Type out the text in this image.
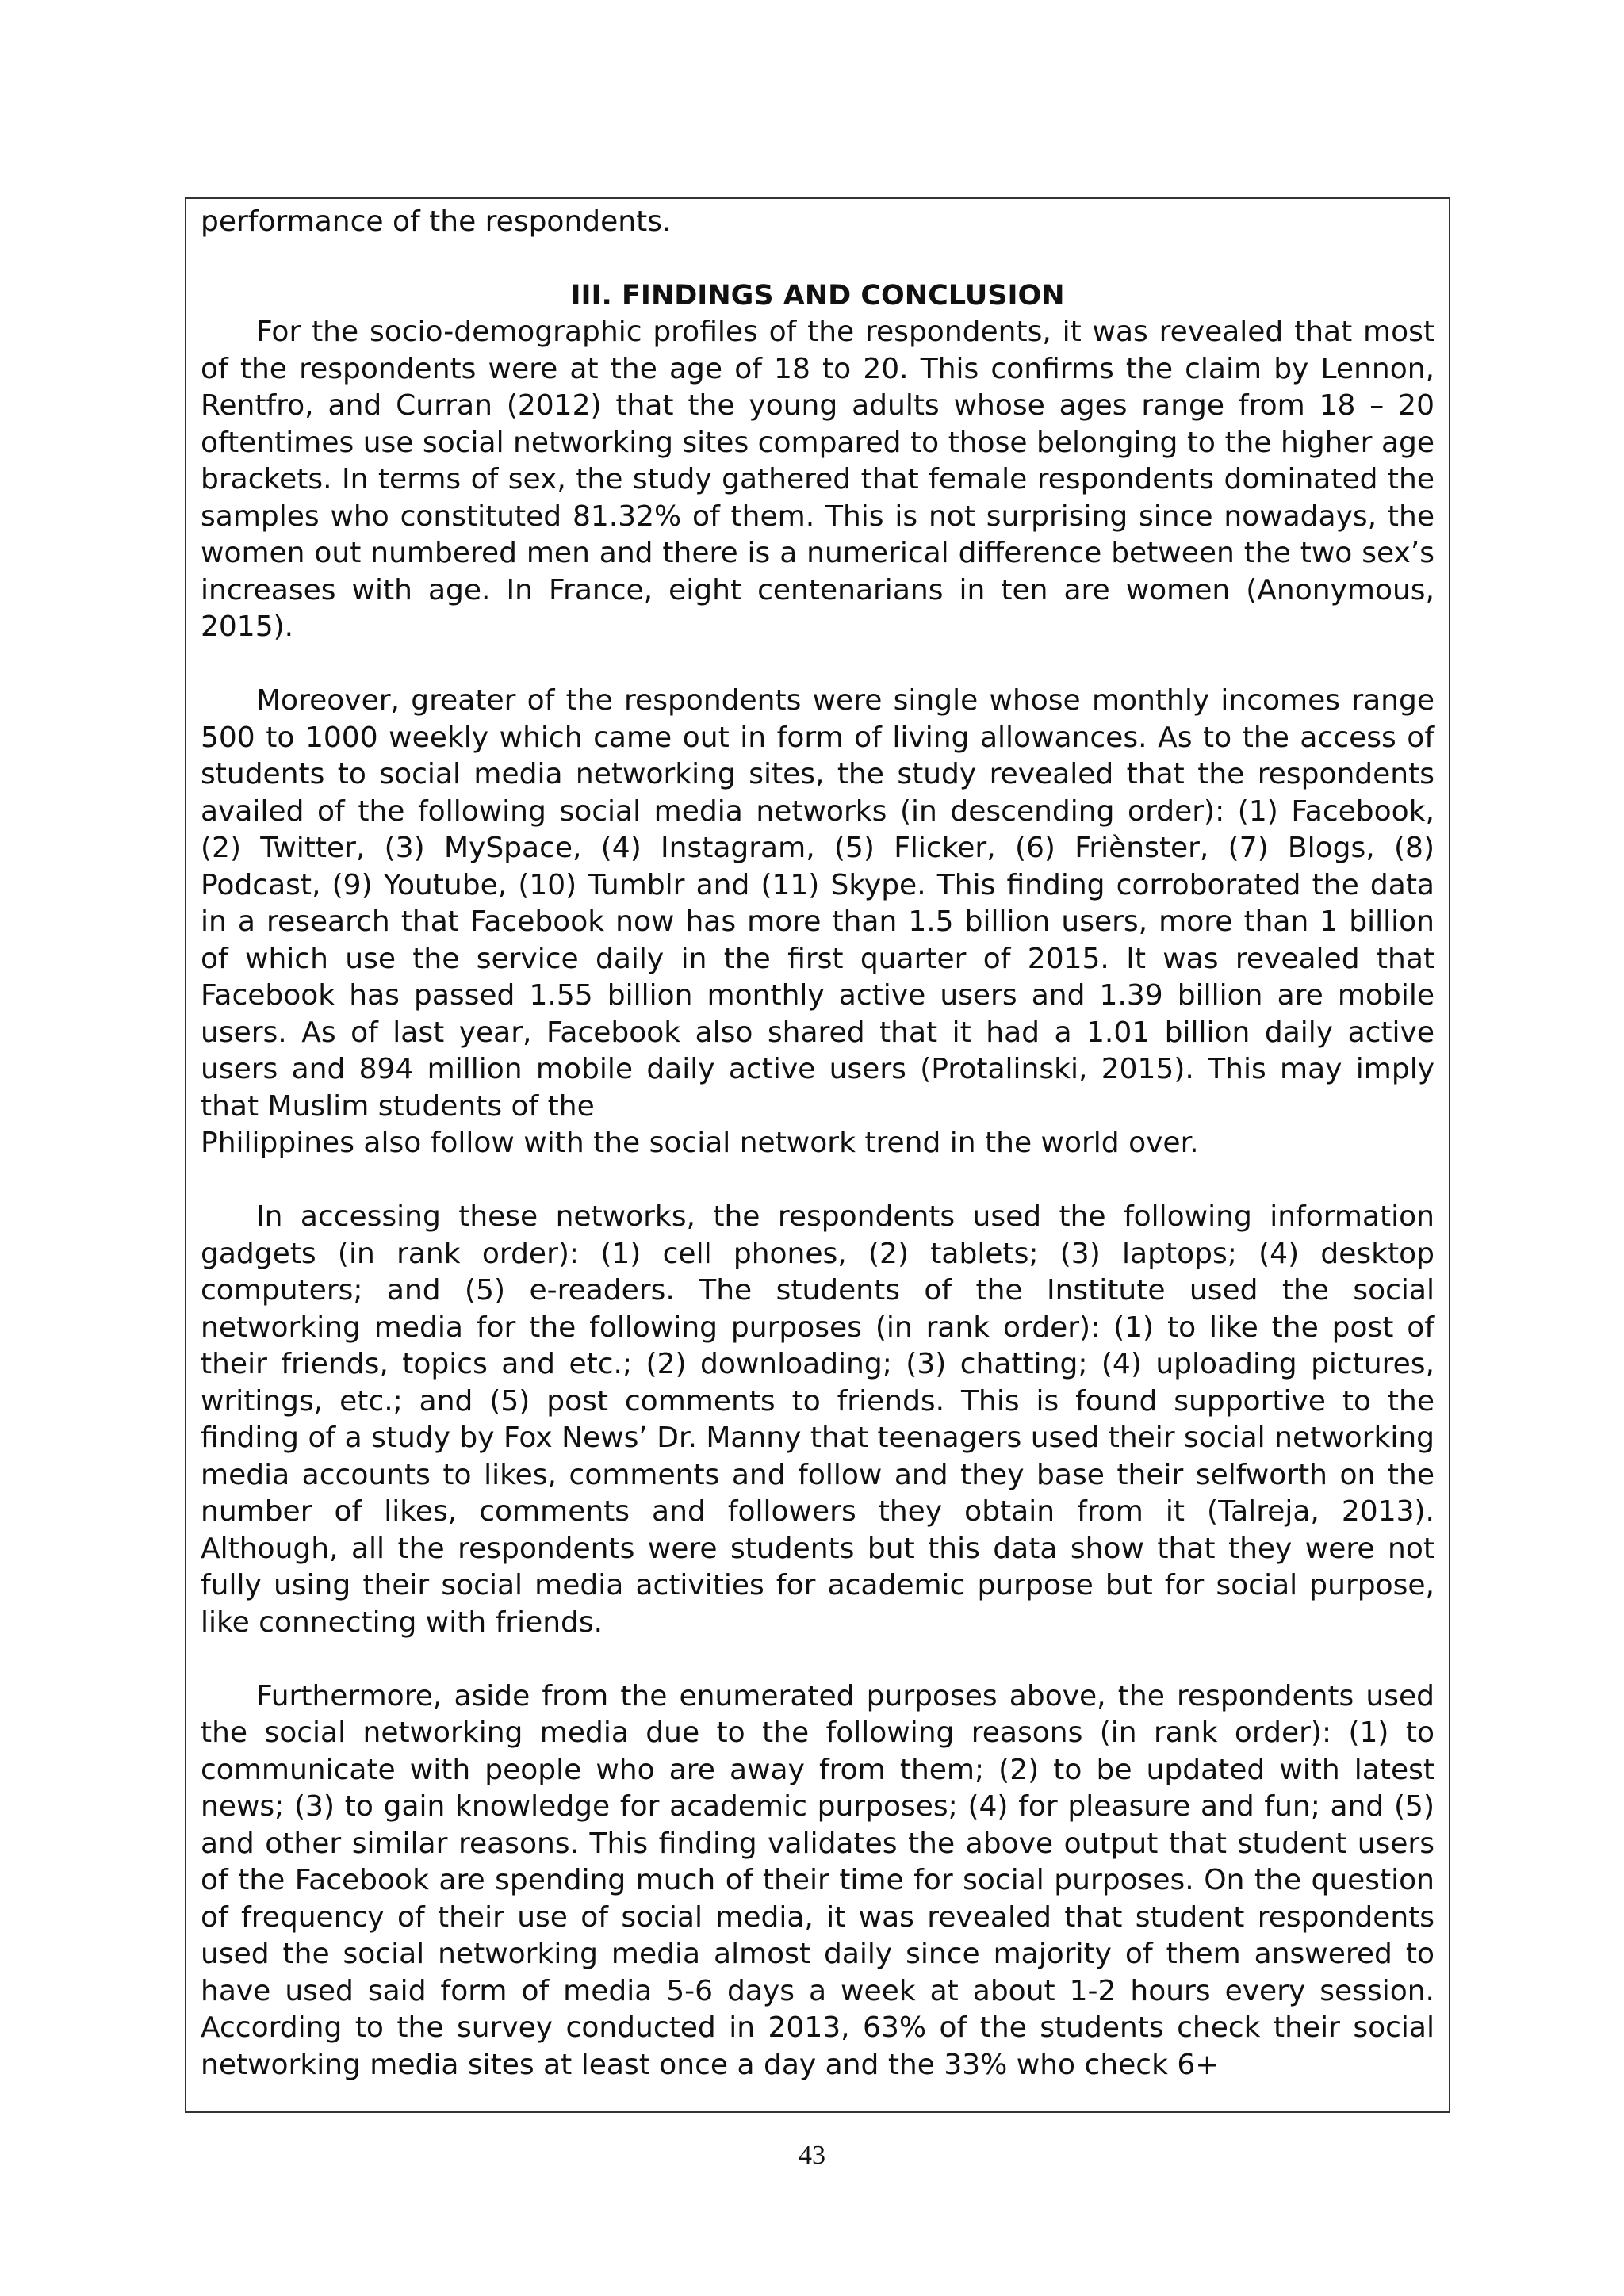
performance of the respondents.

III. FINDINGS AND CONCLUSION

For the socio-demographic profiles of the respondents, it was revealed that most of the respondents were at the age of 18 to 20. This confirms the claim by Lennon, Rentfro, and Curran (2012) that the young adults whose ages range from 18 – 20 oftentimes use social networking sites compared to those belonging to the higher age brackets. In terms of sex, the study gathered that female respondents dominated the samples who constituted 81.32% of them. This is not surprising since nowadays, the women out numbered men and there is a numerical difference between the two sex’s increases with age. In France, eight centenarians in ten are women (Anonymous, 2015).

Moreover, greater of the respondents were single whose monthly incomes range 500 to 1000 weekly which came out in form of living allowances. As to the access of students to social media networking sites, the study revealed that the respondents availed of the following social media networks (in descending order): (1) Facebook, (2) Twitter, (3) MySpace, (4) Instagram, (5) Flicker, (6) Friènster, (7) Blogs, (8) Podcast, (9) Youtube, (10) Tumblr and (11) Skype. This finding corroborated the data in a research that Facebook now has more than 1.5 billion users, more than 1 billion of which use the service daily in the first quarter of 2015. It was revealed that Facebook has passed 1.55 billion monthly active users and 1.39 billion are mobile users. As of last year, Facebook also shared that it had a 1.01 billion daily active users and 894 million mobile daily active users (Protalinski, 2015). This may imply that Muslim students of the

Philippines also follow with the social network trend in the world over.

In accessing these networks, the respondents used the following information gadgets (in rank order): (1) cell phones, (2) tablets; (3) laptops; (4) desktop computers; and (5) e-readers. The students of the Institute used the social networking media for the following purposes (in rank order): (1) to like the post of their friends, topics and etc.; (2) downloading; (3) chatting; (4) uploading pictures, writings, etc.; and (5) post comments to friends. This is found supportive to the finding of a study by Fox News’ Dr. Manny that teenagers used their social networking media accounts to likes, comments and follow and they base their selfworth on the number of likes, comments and followers they obtain from it (Talreja, 2013). Although, all the respondents were students but this data show that they were not fully using their social media activities for academic purpose but for social purpose, like connecting with friends.

Furthermore, aside from the enumerated purposes above, the respondents used the social networking media due to the following reasons (in rank order): (1) to communicate with people who are away from them; (2) to be updated with latest news; (3) to gain knowledge for academic purposes; (4) for pleasure and fun; and (5) and other similar reasons. This finding validates the above output that student users of the Facebook are spending much of their time for social purposes. On the question of frequency of their use of social media, it was revealed that student respondents used the social networking media almost daily since majority of them answered to have used said form of media 5-6 days a week at about 1-2 hours every session. According to the survey conducted in 2013, 63% of the students check their social networking media sites at least once a day and the 33% who check 6+

43
